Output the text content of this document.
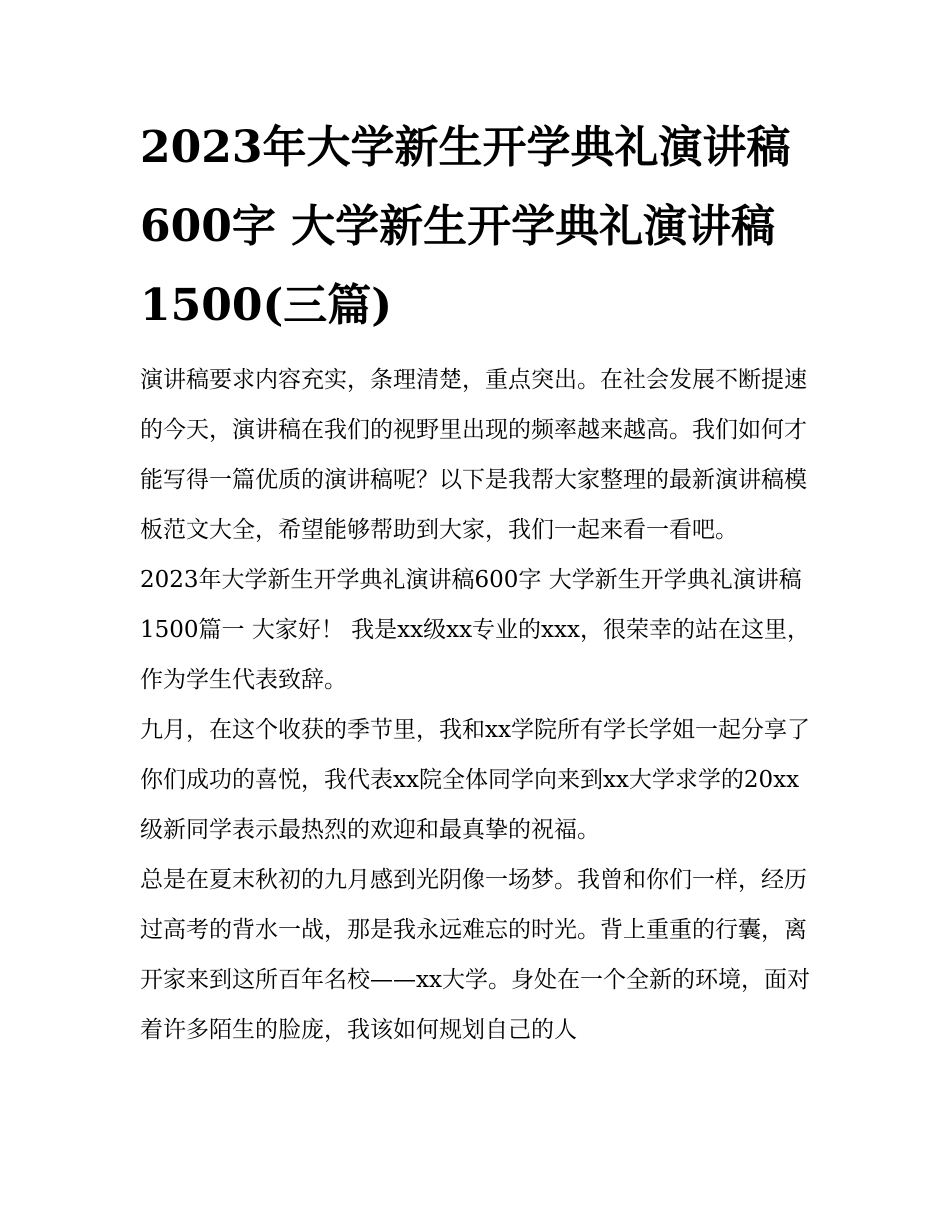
2023年大学新生开学典礼演讲稿600字 大学新生开学典礼演讲稿1500(三篇)

演讲稿要求内容充实，条理清楚，重点突出。在社会发展不断提速的今天，演讲稿在我们的视野里出现的频率越来越高。我们如何才能写得一篇优质的演讲稿呢？以下是我帮大家整理的最新演讲稿模板范文大全，希望能够帮助到大家，我们一起来看一看吧。

2023年大学新生开学典礼演讲稿600字 大学新生开学典礼演讲稿1500篇一 大家好！ 我是xx级xx专业的xxx，很荣幸的站在这里，作为学生代表致辞。

九月，在这个收获的季节里，我和xx学院所有学长学姐一起分享了你们成功的喜悦，我代表xx院全体同学向来到xx大学求学的20xx级新同学表示最热烈的欢迎和最真挚的祝福。

总是在夏末秋初的九月感到光阴像一场梦。我曾和你们一样，经历过高考的背水一战，那是我永远难忘的时光。背上重重的行囊，离开家来到这所百年名校——xx大学。身处在一个全新的环境，面对着许多陌生的脸庞，我该如何规划自己的人
